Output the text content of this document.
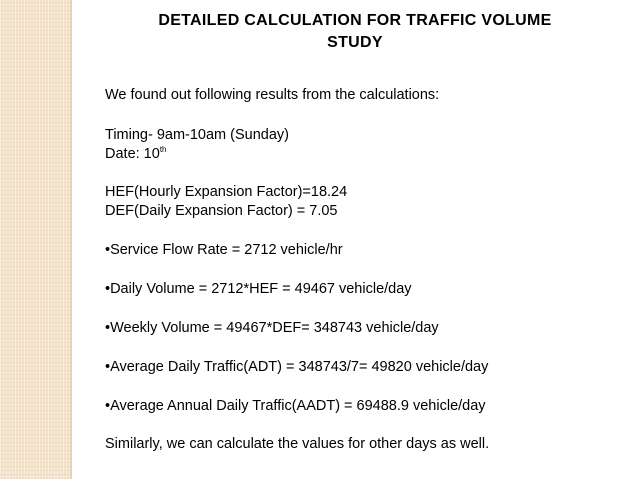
DETAILED CALCULATION FOR TRAFFIC VOLUME
STUDY
We found out following results from the calculations:
Timing- 9am-10am (Sunday)
Date: 10th
HEF(Hourly Expansion Factor)=18.24
DEF(Daily Expansion Factor) = 7.05
•Service Flow Rate = 2712 vehicle/hr
•Daily Volume = 2712*HEF = 49467 vehicle/day
•Weekly Volume = 49467*DEF= 348743 vehicle/day
•Average Daily Traffic(ADT) = 348743/7= 49820 vehicle/day
•Average Annual Daily Traffic(AADT) = 69488.9 vehicle/day
Similarly, we can calculate the values for other days as well.
